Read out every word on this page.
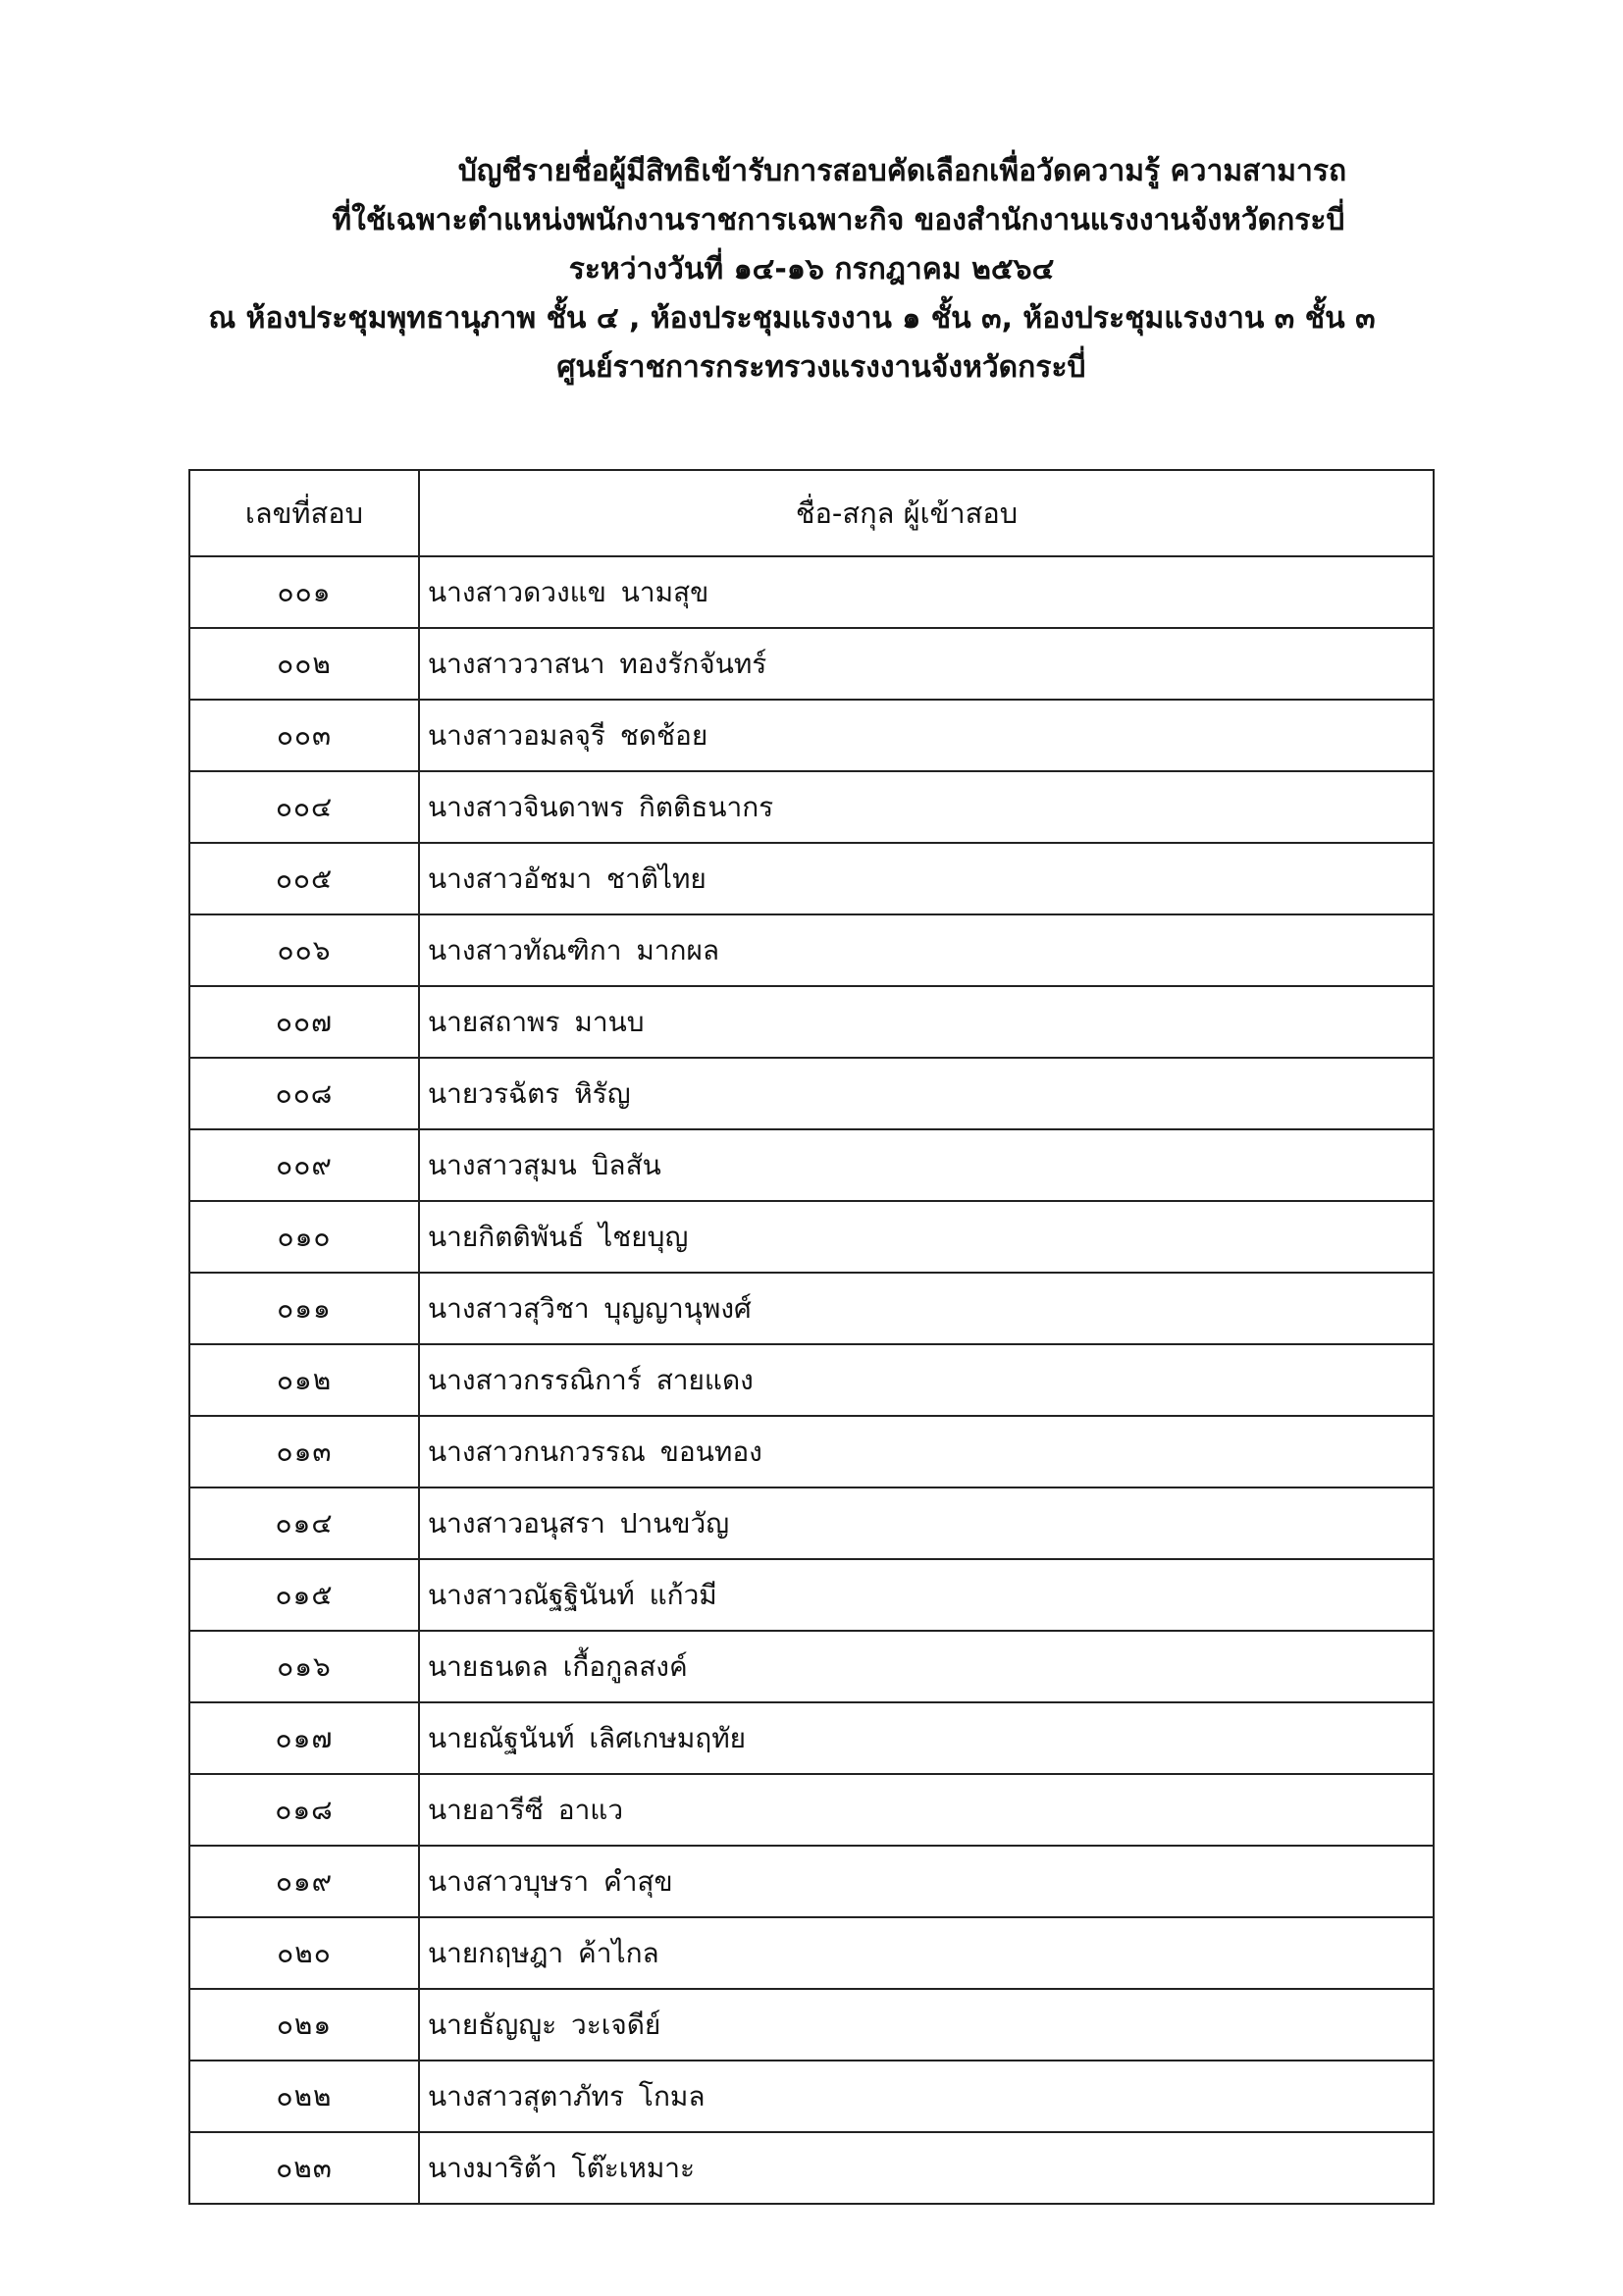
บัญชีรายชื่อผู้มีสิทธิเข้ารับการสอบคัดเลือกเพื่อวัดความรู้ ความสามารถ
ที่ใช้เฉพาะตำแหน่งพนักงานราชการเฉพาะกิจ ของสำนักงานแรงงานจังหวัดกระบี่
ระหว่างวันที่ ๑๔-๑๖ กรกฎาคม ๒๕๖๔
ณ ห้องประชุมพุทธานุภาพ ชั้น ๔ , ห้องประชุมแรงงาน ๑ ชั้น ๓, ห้องประชุมแรงงาน ๓ ชั้น ๓
ศูนย์ราชการกระทรวงแรงงานจังหวัดกระบี่
เลขที่สอบ	ชื่อ-สกุล ผู้เข้าสอบ
๐๐๑	นางสาวดวงแข นามสุข
๐๐๒	นางสาววาสนา ทองรักจันทร์
๐๐๓	นางสาวอมลจุรี ชดช้อย
๐๐๔	นางสาวจินดาพร กิตติธนากร
๐๐๕	นางสาวอัชมา ชาติไทย
๐๐๖	นางสาวทัณฑิกา มากผล
๐๐๗	นายสถาพร มานบ
๐๐๘	นายวรฉัตร หิรัญ
๐๐๙	นางสาวสุมน บิลสัน
๐๑๐	นายกิตติพันธ์ ไชยบุญ
๐๑๑	นางสาวสุวิชา บุญญานุพงศ์
๐๑๒	นางสาวกรรณิการ์ สายแดง
๐๑๓	นางสาวกนกวรรณ ขอนทอง
๐๑๔	นางสาวอนุสรา ปานขวัญ
๐๑๕	นางสาวณัฐฐินันท์ แก้วมี
๐๑๖	นายธนดล เกื้อกูลสงค์
๐๑๗	นายณัฐนันท์ เลิศเกษมฤทัย
๐๑๘	นายอารีซี อาแว
๐๑๙	นางสาวบุษรา คำสุข
๐๒๐	นายกฤษฎา ค้าไกล
๐๒๑	นายธัญญูะ วะเจดีย์
๐๒๒	นางสาวสุตาภัทร โกมล
๐๒๓	นางมาริต้า โต๊ะเหมาะ
